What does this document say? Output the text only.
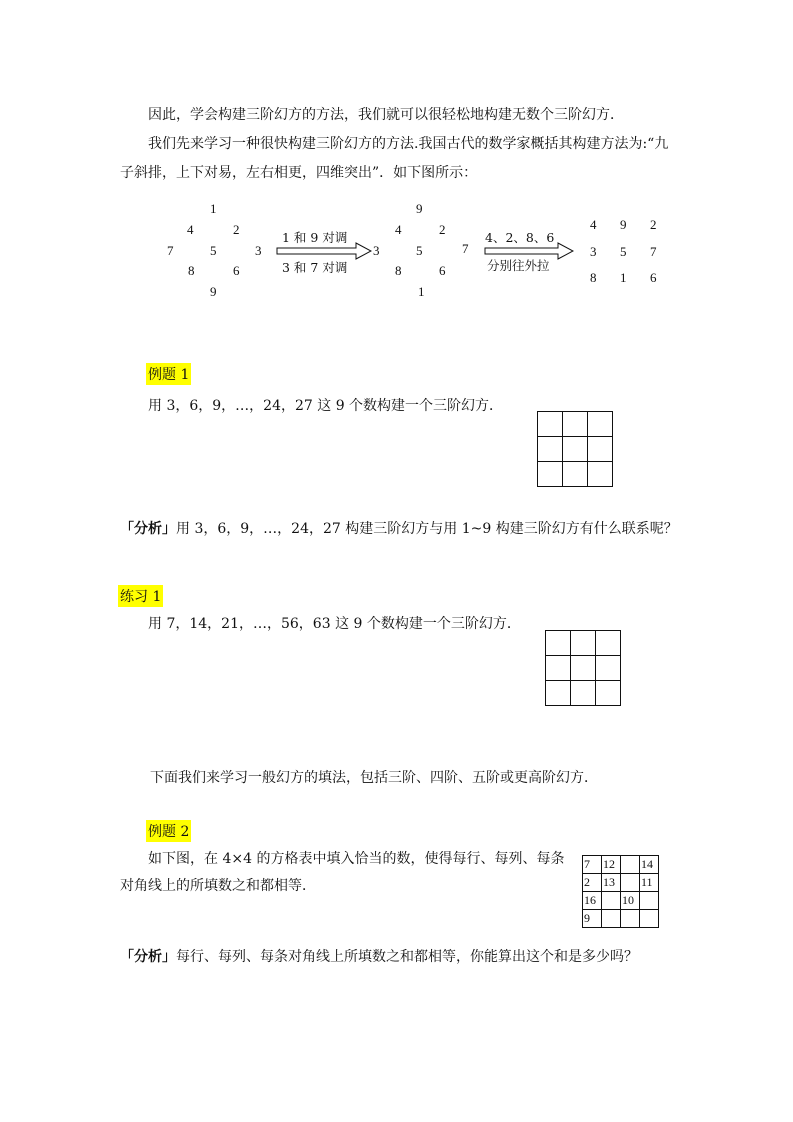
因此，学会构建三阶幻方的方法，我们就可以很轻松地构建无数个三阶幻方．
我们先来学习一种很快构建三阶幻方的方法.我国古代的数学家概括其构建方法为:“九
子斜排，上下对易，左右相更，四维突出”．如下图所示：
1
4	2
7	5	3
8	6
9
1 和 9 对调
3 和 7 对调
9
4	2
3	5	7
8	6
1
4、2、8、6
分别往外拉
4 9 2
3 5 7
8 1 6
例题 1
用 3，6，9，…，24，27 这 9 个数构建一个三阶幻方．

「分析」用 3，6，9，…，24，27 构建三阶幻方与用 1~9 构建三阶幻方有什么联系呢？
练习 1
用 7，14，21，…，56，63 这 9 个数构建一个三阶幻方．

下面我们来学习一般幻方的填法，包括三阶、四阶、五阶或更高阶幻方．
例题 2
如下图，在 4×4 的方格表中填入恰当的数，使得每行、每列、每条
对角线上的所填数之和都相等．
7	12		14
2	13		11
16		10	
9			
「分析」每行、每列、每条对角线上所填数之和都相等，你能算出这个和是多少吗？
